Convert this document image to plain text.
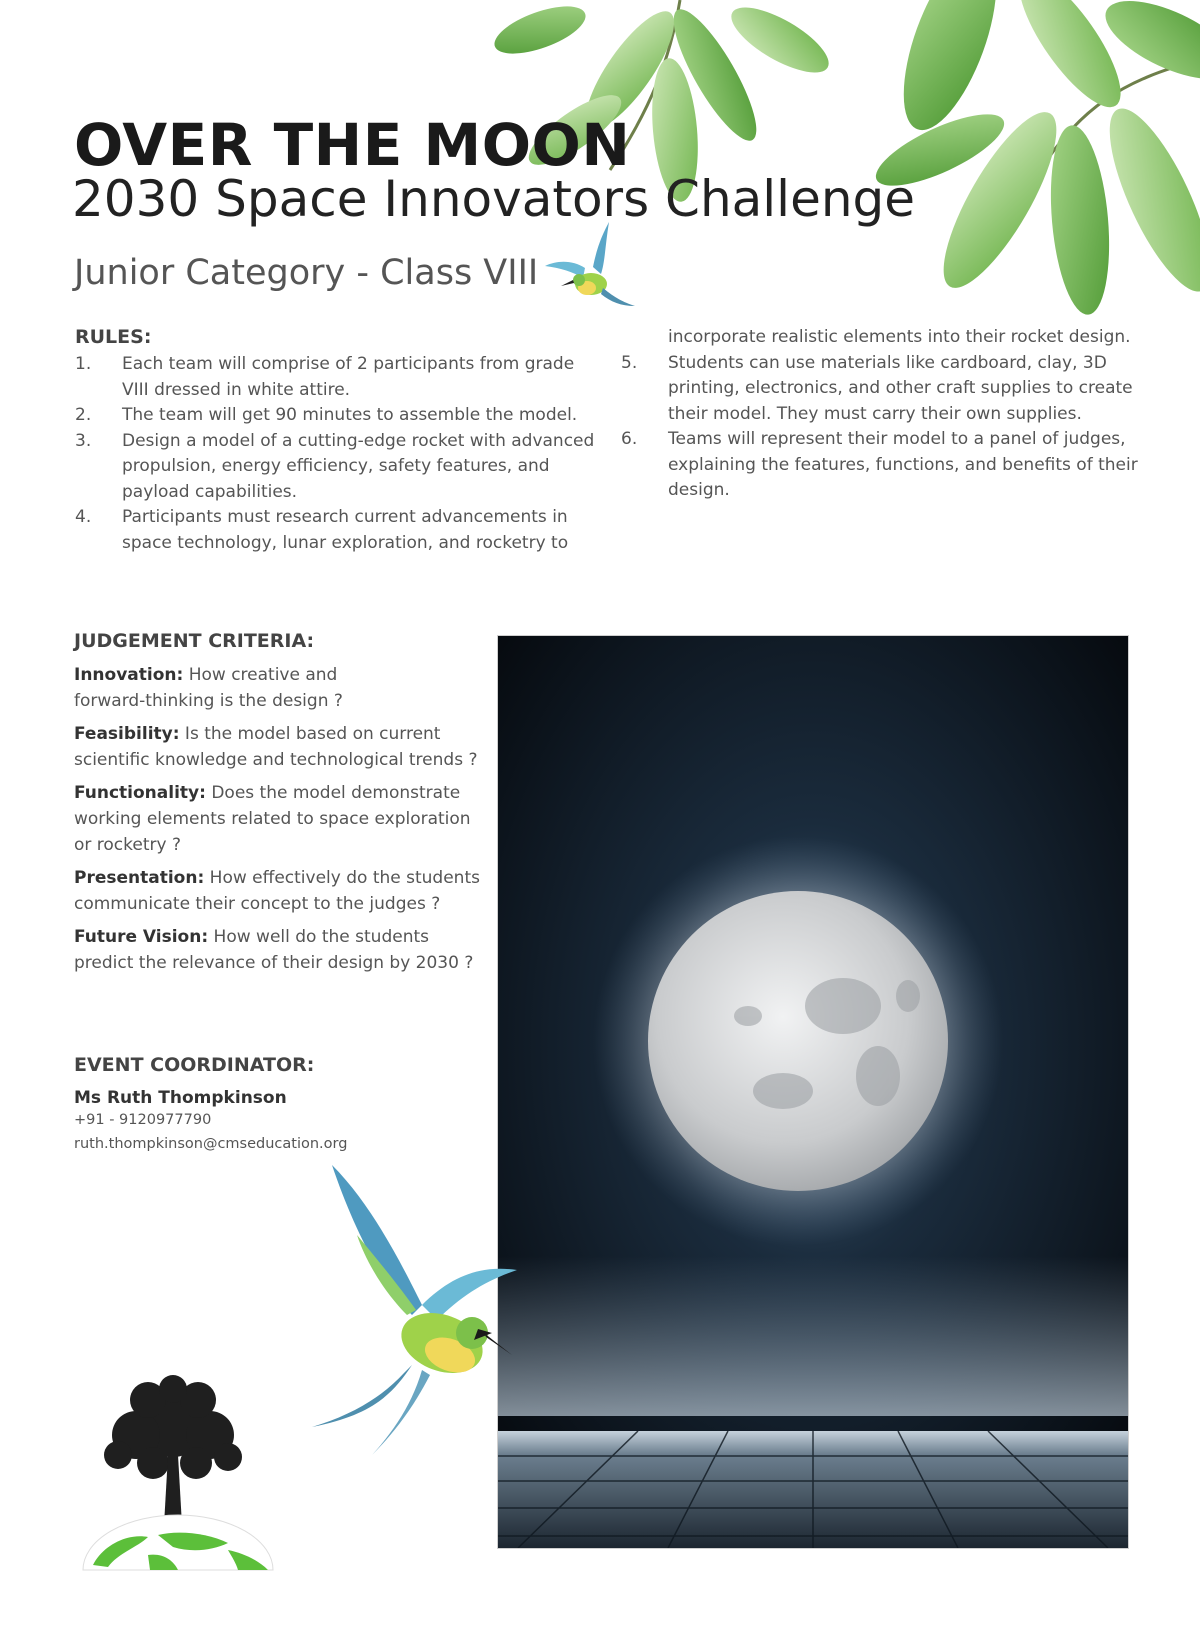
OVER THE MOON
2030 Space Innovators Challenge
Junior Category - Class VIII
RULES:
1.	Each team will comprise of 2 participants from grade
VIII dressed in white attire.
2.	The team will get 90 minutes to assemble the model.
3.	Design a model of a cutting-edge rocket with advanced
propulsion, energy efficiency, safety features, and
payload capabilities.
4.	Participants must research current advancements in
space technology, lunar exploration, and rocketry to
incorporate realistic elements into their rocket design.
5.	Students can use materials like cardboard, clay, 3D
printing, electronics, and other craft supplies to create
their model. They must carry their own supplies.
6.	Teams will represent their model to a panel of judges,
explaining the features, functions, and benefits of their
design.
JUDGEMENT CRITERIA:

Innovation: How creative and
forward-thinking is the design ?

Feasibility: Is the model based on current
scientific knowledge and technological trends ?

Functionality: Does the model demonstrate
working elements related to space exploration
or rocketry ?

Presentation: How effectively do the students
communicate their concept to the judges ?

Future Vision: How well do the students
predict the relevance of their design by 2030 ?

EVENT COORDINATOR:
Ms Ruth Thompkinson
+91 - 9120977790
ruth.thompkinson@cmseducation.org
